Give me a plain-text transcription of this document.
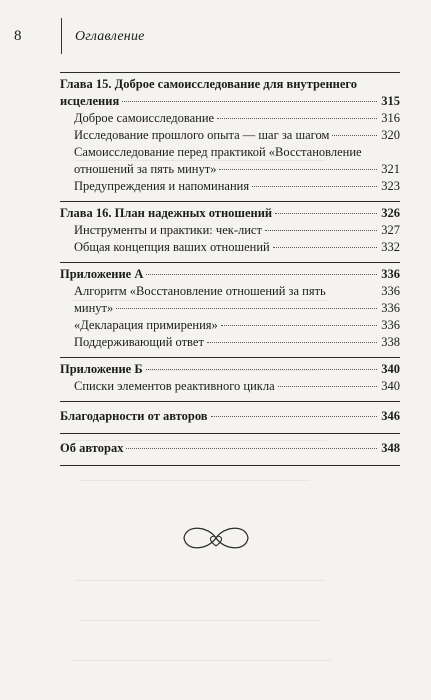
8	Оглавление
Глава 15. Доброе самоисследование для внутреннего
исцеления	315
Доброе самоисследование	316
Исследование прошлого опыта — шаг за шагом	320
Самоисследование перед практикой «Восстановление
отношений за пять минут»	321
Предупреждения и напоминания	323
Глава 16. План надежных отношений	326
Инструменты и практики: чек-лист	327
Общая концепция ваших отношений	332
Приложение А	336
Алгоритм «Восстановление отношений за пять	336
минут»	336
«Декларация примирения»	336
Поддерживающий ответ	338
Приложение Б	340
Списки элементов реактивного цикла	340
Благодарности от авторов	346
Об авторах	348
